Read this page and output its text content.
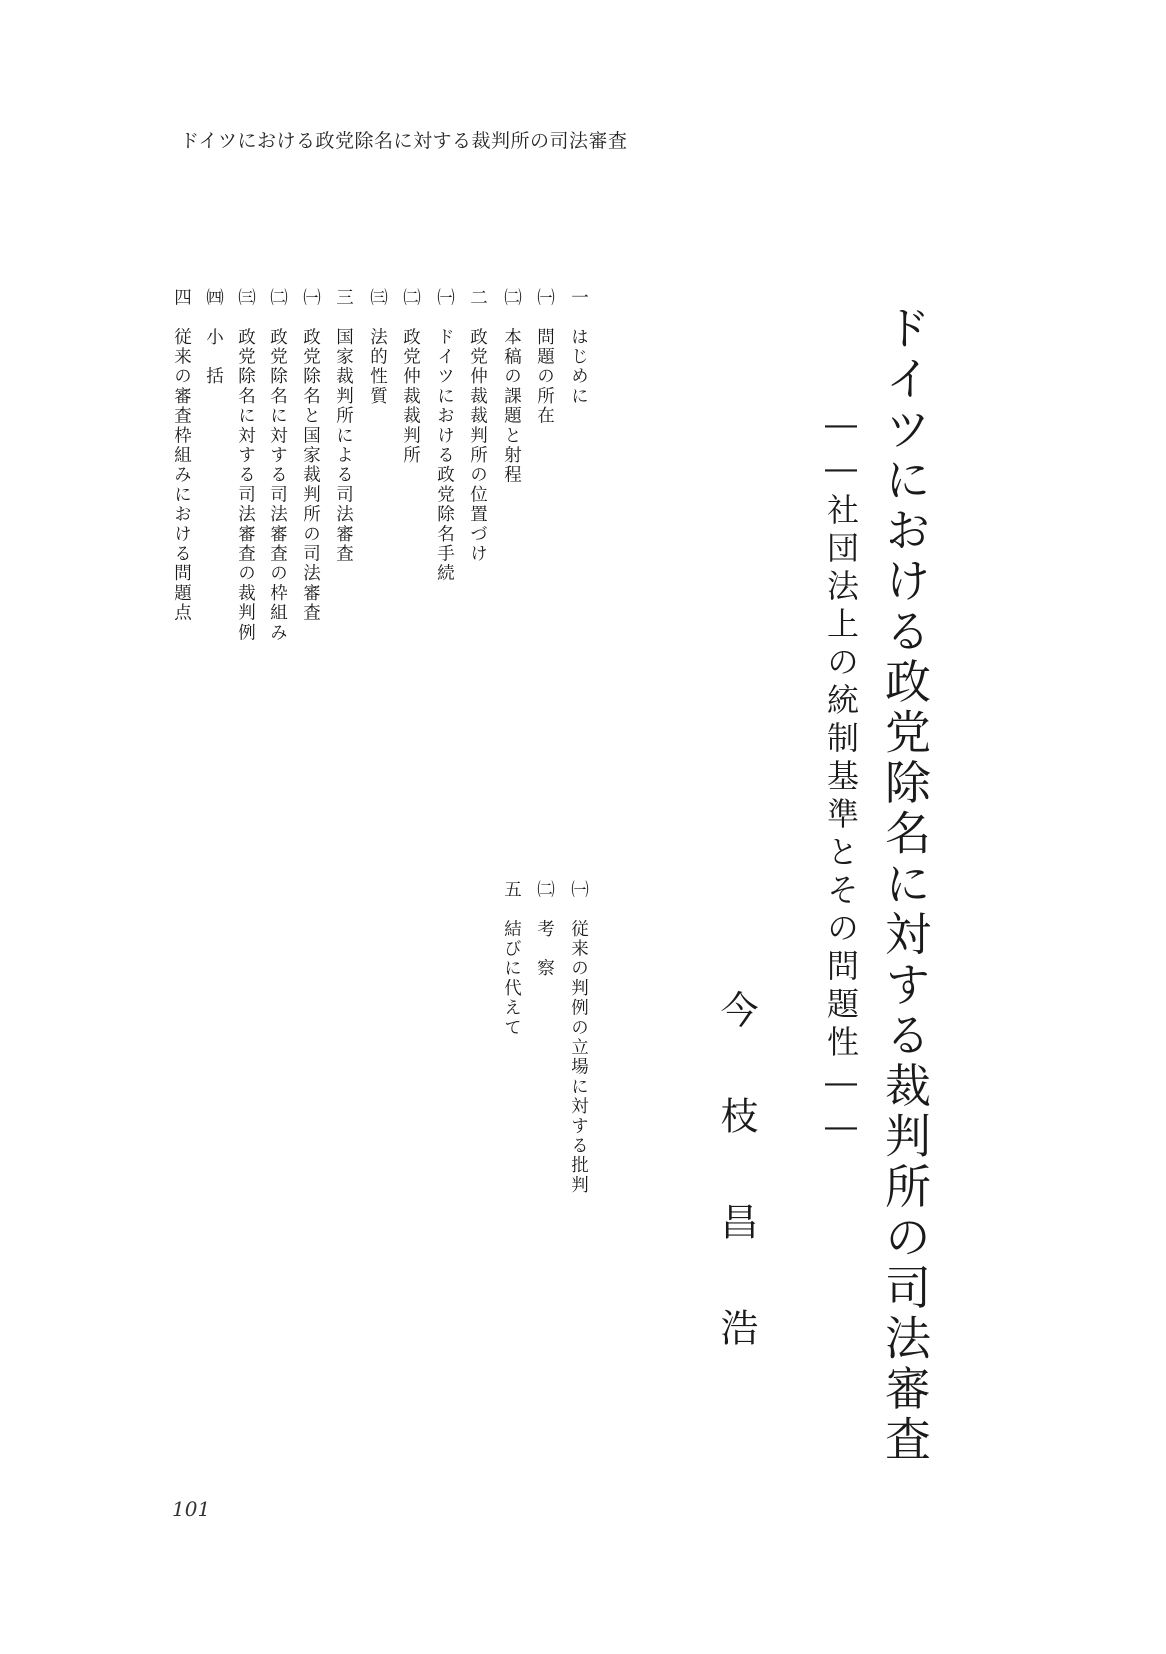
ドイツにおける政党除名に対する裁判所の司法審査
ドイツにおける政党除名に対する裁判所の司法審査
――社団法上の統制基準とその問題性――
今枝昌浩
一　はじめに
㈠　問題の所在
㈡　本稿の課題と射程
二　政党仲裁裁判所の位置づけ
㈠　ドイツにおける政党除名手続
㈡　政党仲裁裁判所
㈢　法的性質
三　国家裁判所による司法審査
㈠　政党除名と国家裁判所の司法審査
㈡　政党除名に対する司法審査の枠組み
㈢　政党除名に対する司法審査の裁判例
㈣　小　括
四　従来の審査枠組みにおける問題点
㈠　従来の判例の立場に対する批判
㈡　考　察
五　結びに代えて
101
